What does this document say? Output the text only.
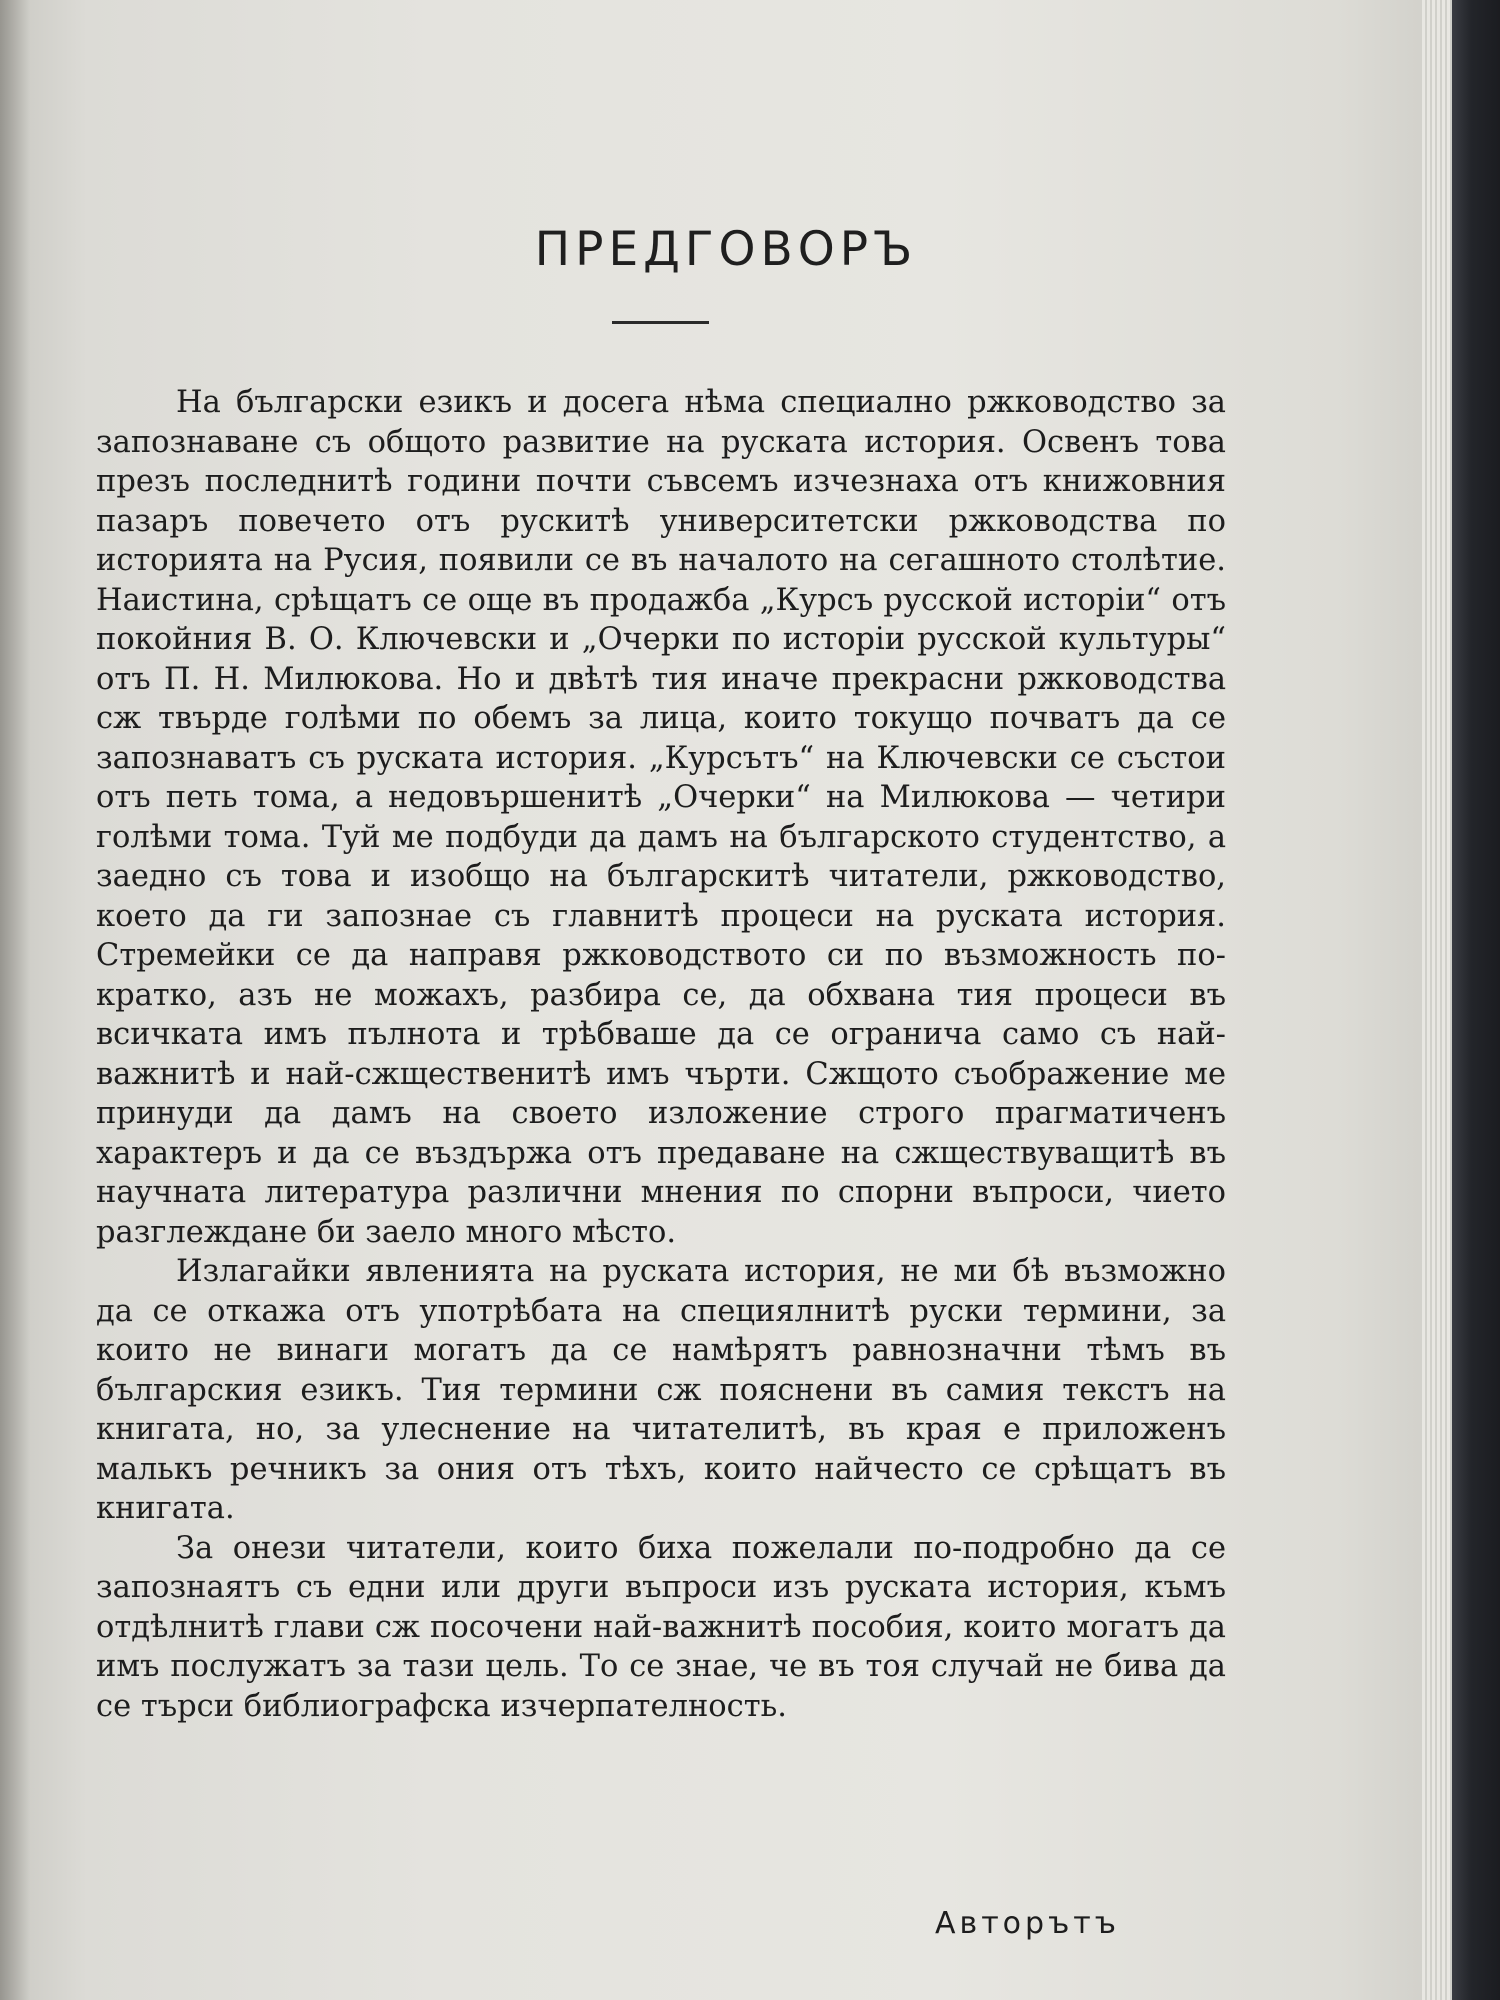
ПРЕДГОВОРЪ

На български езикъ и досега нѣма специално ржководство за запознаване съ общото развитие на руската история. Освенъ това презъ последнитѣ години почти съвсемъ изчезнаха отъ книжовния пазаръ повечето отъ рускитѣ университетски ржководства по историята на Русия, появили се въ началото на сегашното столѣтие. Наистина, срѣщатъ се още въ продажба „Курсъ русской исторіи“ отъ покойния В. О. Ключевски и „Очерки по исторіи русской культуры“ отъ П. Н. Милюкова. Но и двѣтѣ тия иначе прекрасни ржководства сж твърде голѣми по обемъ за лица, които токущо почватъ да се запознаватъ съ руската история. „Курсътъ“ на Ключевски се състои отъ петь тома, а недовършенитѣ „Очерки“ на Милюкова — четири голѣми тома. Туй ме подбуди да дамъ на българското студентство, а заедно съ това и изобщо на българскитѣ читатели, ржководство, което да ги запознае съ главнитѣ процеси на руската история. Стремейки се да направя ржководството си по възможность по-кратко, азъ не можахъ, разбира се, да обхвана тия процеси въ всичката имъ пълнота и трѣбваше да се огранича само съ най-важнитѣ и най-сжщественитѣ имъ чърти. Сжщото съображение ме принуди да дамъ на своето изложение строго прагматиченъ характеръ и да се въздържа отъ предаване на сжществуващитѣ въ научната литература различни мнения по спорни въпроси, чиeто разглеждане би заело много мѣсто.

Излагайки явленията на руската история, не ми бѣ възможно да се откажа отъ употрѣбата на специялнитѣ руски термини, за които не винаги могатъ да се намѣрятъ равнозначни тѣмъ въ българския езикъ. Тия термини сж пояснени въ самия текстъ на книгата, но, за улеснение на читателитѣ, въ края е приложенъ малькъ речникъ за ония отъ тѣхъ, които найчесто се срѣщатъ въ книгата.

За онези читатели, които биха пожелали по-подробно да се запознаятъ съ едни или други въпроси изъ руската история, къмъ отдѣлнитѣ глави сж посочени най-важнитѣ пособия, които могатъ да имъ послужатъ за тази цель. То се знае, че въ тоя случай не бива да се търси библиографска изчерпателность.

Авторътъ
